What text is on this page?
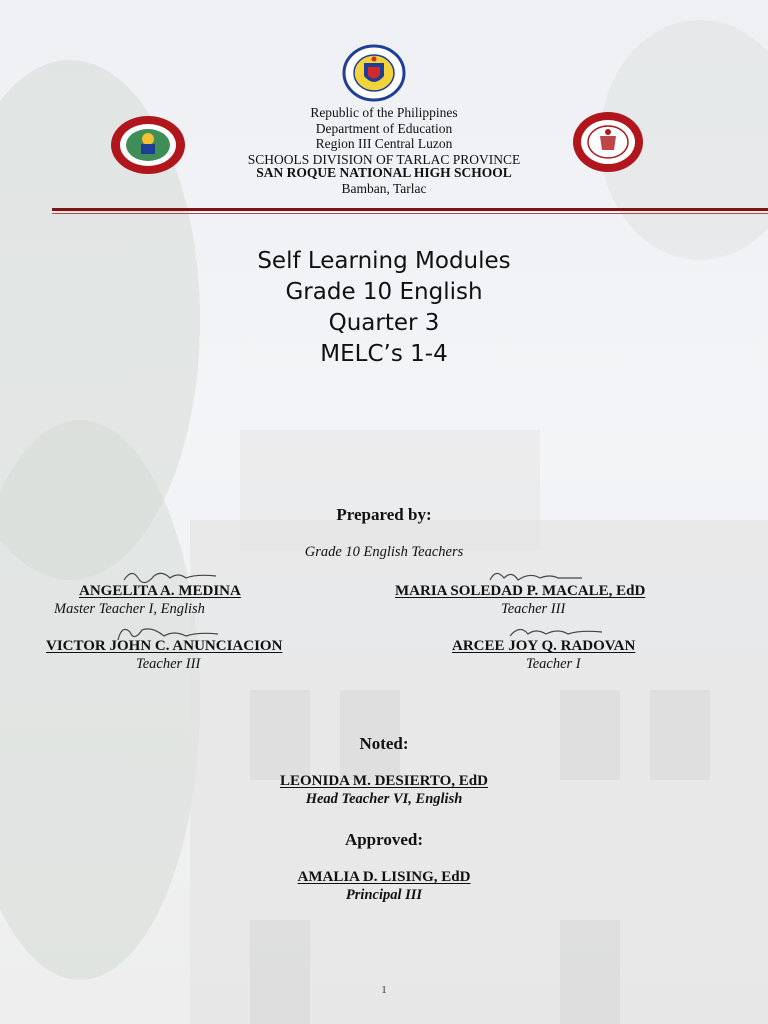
Republic of the Philippines
Department of Education
Region III Central Luzon
SCHOOLS DIVISION OF TARLAC PROVINCE
SAN ROQUE NATIONAL HIGH SCHOOL
Bamban, Tarlac
Self Learning Modules
Grade 10 English
Quarter 3
MELC’s 1-4
Prepared by:
Grade 10 English Teachers
ANGELITA A. MEDINA
Master Teacher I, English
MARIA SOLEDAD P. MACALE, EdD
Teacher III
VICTOR JOHN C. ANUNCIACION
Teacher III
ARCEE JOY Q. RADOVAN
Teacher I
Noted:
LEONIDA M. DESIERTO, EdD
Head Teacher VI, English
Approved:
AMALIA D. LISING, EdD
Principal III
1
